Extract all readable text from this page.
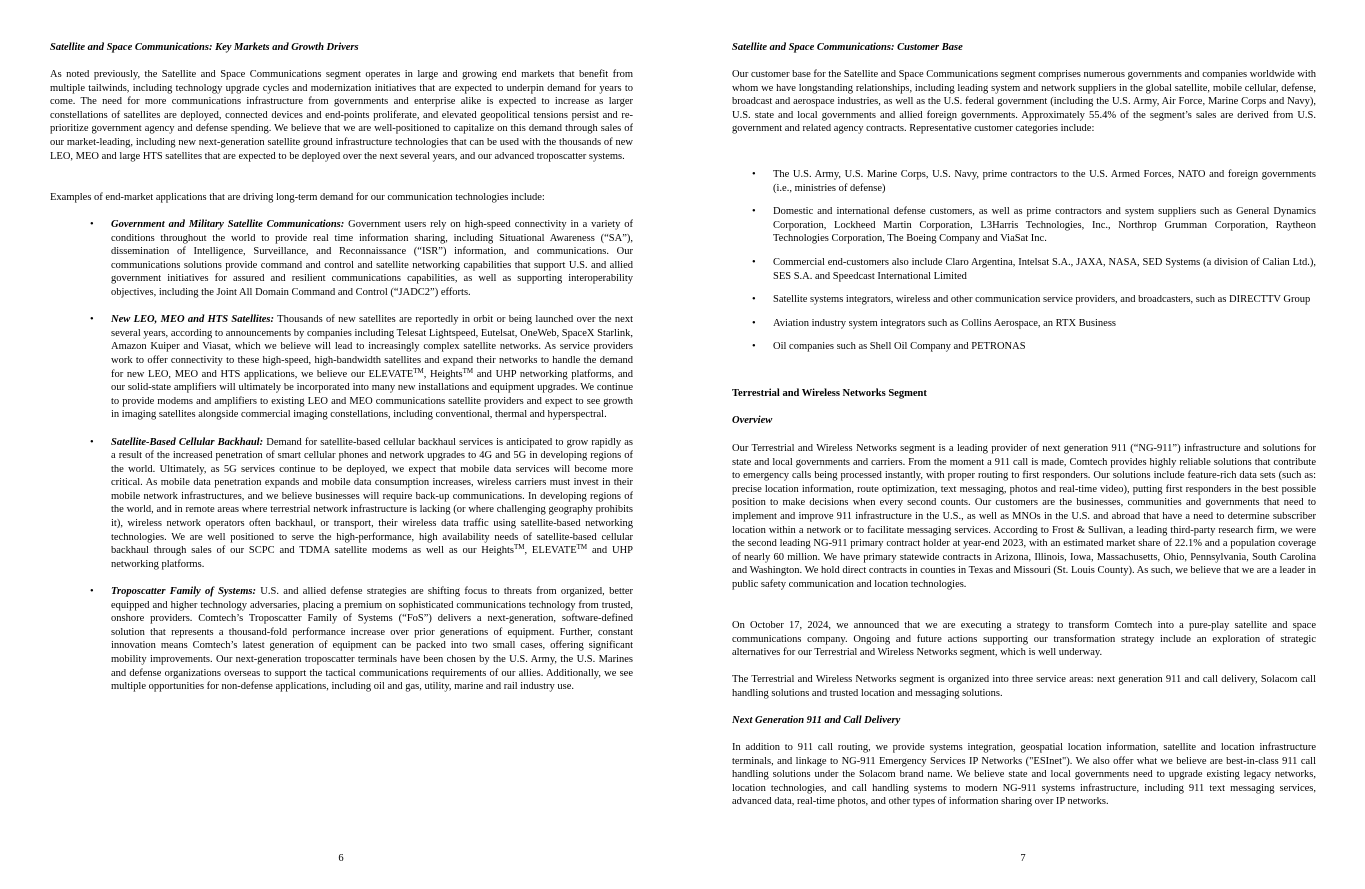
Satellite and Space Communications: Key Markets and Growth Drivers

As noted previously, the Satellite and Space Communications segment operates in large and growing end markets that benefit from multiple tailwinds, including technology upgrade cycles and modernization initiatives that are expected to underpin demand for years to come. The need for more communications infrastructure from governments and enterprise alike is expected to increase as larger constellations of satellites are deployed, connected devices and end-points proliferate, and elevated geopolitical tensions persist and re-prioritize government agency and defense spending. We believe that we are well-positioned to capitalize on this demand through sales of our market-leading, including new next-generation satellite ground infrastructure technologies that can be used with the thousands of new LEO, MEO and large HTS satellites that are expected to be deployed over the next several years, and our advanced troposcatter systems.

Examples of end-market applications that are driving long-term demand for our communication technologies include:

• Government and Military Satellite Communications: Government users rely on high-speed connectivity in a variety of conditions throughout the world to provide real time information sharing, including Situational Awareness (“SA”), dissemination of Intelligence, Surveillance, and Reconnaissance (“ISR”) information, and communications. Our communications solutions provide command and control and satellite networking capabilities that support U.S. and allied government initiatives for assured and resilient communications capabilities, as well as supporting interoperability objectives, including the Joint All Domain Command and Control (“JADC2”) efforts.
• New LEO, MEO and HTS Satellites: Thousands of new satellites are reportedly in orbit or being launched over the next several years, according to announcements by companies including Telesat Lightspeed, Eutelsat, OneWeb, SpaceX Starlink, Amazon Kuiper and Viasat, which we believe will lead to increasingly complex satellite networks. As service providers work to offer connectivity to these high-speed, high-bandwidth satellites and expand their networks to handle the demand for new LEO, MEO and HTS applications, we believe our ELEVATE™, Heights™ and UHP networking platforms, and our solid-state amplifiers will ultimately be incorporated into many new installations and equipment upgrades. We continue to provide modems and amplifiers to existing LEO and MEO communications satellite providers and expect to see growth in imaging satellites alongside commercial imaging constellations, including conventional, thermal and hyperspectral.
• Satellite-Based Cellular Backhaul: Demand for satellite-based cellular backhaul services is anticipated to grow rapidly as a result of the increased penetration of smart cellular phones and network upgrades to 4G and 5G in developing regions of the world. Ultimately, as 5G services continue to be deployed, we expect that mobile data services will become more critical. As mobile data penetration expands and mobile data consumption increases, wireless carriers must invest in their mobile network infrastructures, and we believe businesses will require back-up communications. In developing regions of the world, and in remote areas where terrestrial network infrastructure is lacking (or where challenging geography prohibits it), wireless network operators often backhaul, or transport, their wireless data traffic using satellite-based networking technologies. We are well positioned to serve the high-performance, high availability needs of satellite-based cellular backhaul through sales of our SCPC and TDMA satellite modems as well as our Heights™, ELEVATE™ and UHP networking platforms.
• Troposcatter Family of Systems: U.S. and allied defense strategies are shifting focus to threats from organized, better equipped and higher technology adversaries, placing a premium on sophisticated communications technology from trusted, onshore providers. Comtech’s Troposcatter Family of Systems (“FoS”) delivers a next-generation, software-defined solution that represents a thousand-fold performance increase over prior generations of equipment. Further, constant innovation means Comtech’s latest generation of equipment can be packed into two small cases, offering significant mobility improvements. Our next-generation troposcatter terminals have been chosen by the U.S. Army, the U.S. Marines and defense organizations overseas to support the tactical communications requirements of our allies. Additionally, we see multiple opportunities for non-defense applications, including oil and gas, utility, marine and rail industry use.
6
Satellite and Space Communications: Customer Base

Our customer base for the Satellite and Space Communications segment comprises numerous governments and companies worldwide with whom we have longstanding relationships, including leading system and network suppliers in the global satellite, mobile cellular, defense, broadcast and aerospace industries, as well as the U.S. federal government (including the U.S. Army, Air Force, Marine Corps and Navy), U.S. state and local governments and allied foreign governments. Approximately 55.4% of the segment’s sales are derived from U.S. government and related agency contracts. Representative customer categories include:

• The U.S. Army, U.S. Marine Corps, U.S. Navy, prime contractors to the U.S. Armed Forces, NATO and foreign governments (i.e., ministries of defense)
• Domestic and international defense customers, as well as prime contractors and system suppliers such as General Dynamics Corporation, Lockheed Martin Corporation, L3Harris Technologies, Inc., Northrop Grumman Corporation, Raytheon Technologies Corporation, The Boeing Company and ViaSat Inc.
• Commercial end-customers also include Claro Argentina, Intelsat S.A., JAXA, NASA, SED Systems (a division of Calian Ltd.), SES S.A. and Speedcast International Limited
• Satellite systems integrators, wireless and other communication service providers, and broadcasters, such as DIRECTTV Group
• Aviation industry system integrators such as Collins Aerospace, an RTX Business
• Oil companies such as Shell Oil Company and PETRONAS
Terrestrial and Wireless Networks Segment
Overview

Our Terrestrial and Wireless Networks segment is a leading provider of next generation 911 (“NG-911”) infrastructure and solutions for state and local governments and carriers. From the moment a 911 call is made, Comtech provides highly reliable solutions that contribute to emergency calls being processed instantly, with proper routing to first responders. Our solutions include feature-rich data sets (such as: precise location information, route optimization, text messaging, photos and real-time video), putting first responders in the best possible position to make decisions when every second counts. Our customers are the businesses, communities and governments that need to implement and improve 911 infrastructure in the U.S., as well as MNOs in the U.S. and abroad that have a need to determine subscriber location within a network or to facilitate messaging services. According to Frost & Sullivan, a leading third-party research firm, we were the second leading NG-911 primary contract holder at year-end 2023, with an estimated market share of 22.1% and a population coverage of nearly 60 million. We have primary statewide contracts in Arizona, Illinois, Iowa, Massachusetts, Ohio, Pennsylvania, South Carolina and Washington. We hold direct contracts in counties in Texas and Missouri (St. Louis County). As such, we believe that we are a leader in public safety communication and location technologies.

On October 17, 2024, we announced that we are executing a strategy to transform Comtech into a pure-play satellite and space communications company. Ongoing and future actions supporting our transformation strategy include an exploration of strategic alternatives for our Terrestrial and Wireless Networks segment, which is well underway.

The Terrestrial and Wireless Networks segment is organized into three service areas: next generation 911 and call delivery, Solacom call handling solutions and trusted location and messaging solutions.

Next Generation 911 and Call Delivery

In addition to 911 call routing, we provide systems integration, geospatial location information, satellite and location infrastructure terminals, and linkage to NG-911 Emergency Services IP Networks ("ESInet"). We also offer what we believe are best-in-class 911 call handling solutions under the Solacom brand name. We believe state and local governments need to upgrade existing legacy networks, location technologies, and call handling systems to modern NG-911 systems infrastructure, including 911 text messaging services, advanced data, real-time photos, and other types of information sharing over IP networks.

7
